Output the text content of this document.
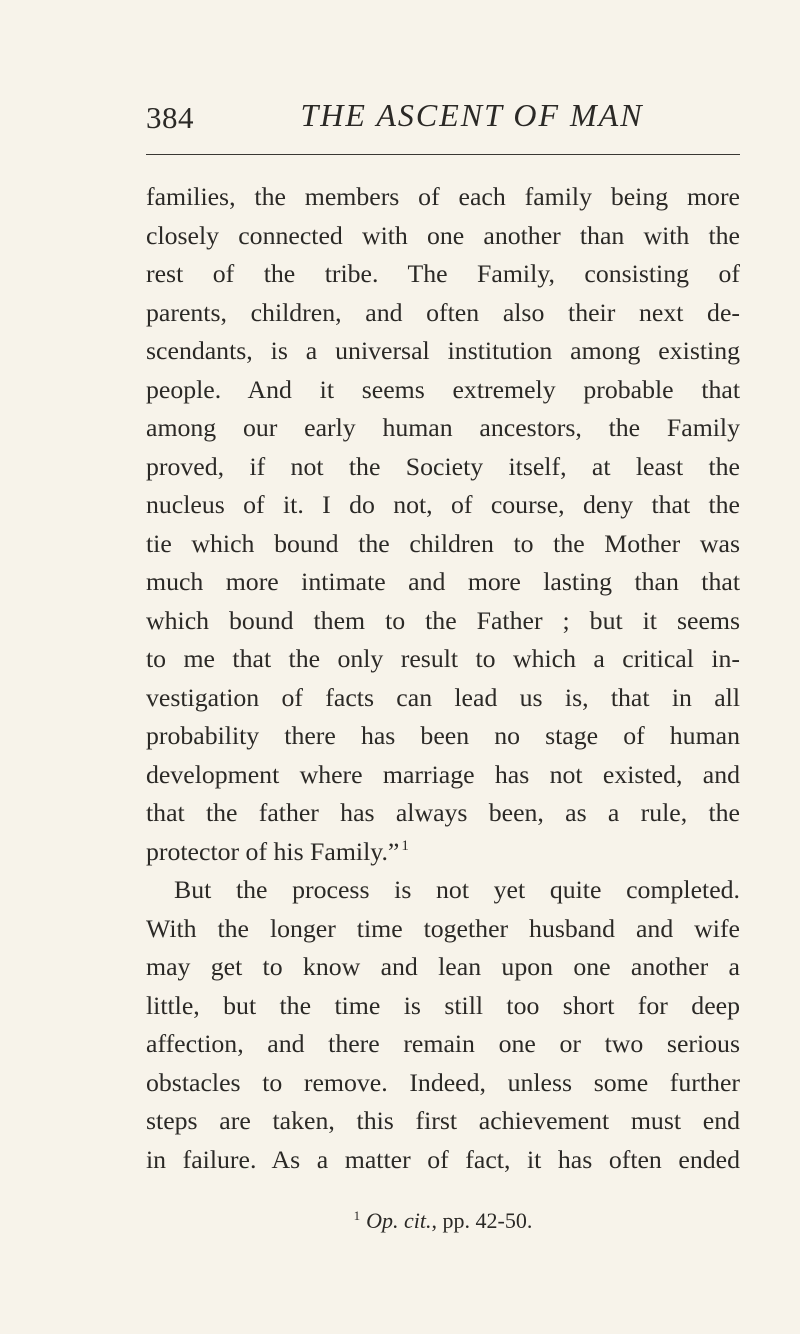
384	THE ASCENT OF MAN
families, the members of each family being more
closely connected with one another than with the
rest of the tribe. The Family, consisting of
parents, children, and often also their next de-
scendants, is a universal institution among existing
people. And it seems extremely probable that
among our early human ancestors, the Family
proved, if not the Society itself, at least the
nucleus of it. I do not, of course, deny that the
tie which bound the children to the Mother was
much more intimate and more lasting than that
which bound them to the Father ; but it seems
to me that the only result to which a critical in-
vestigation of facts can lead us is, that in all
probability there has been no stage of human
development where marriage has not existed, and
that the father has always been, as a rule, the
protector of his Family.” $^1$
But the process is not yet quite completed.
With the longer time together husband and wife
may get to know and lean upon one another a
little, but the time is still too short for deep
affection, and there remain one or two serious
obstacles to remove. Indeed, unless some further
steps are taken, this first achievement must end
in failure. As a matter of fact, it has often ended
$^1$ Op. cit., pp. 42-50.
